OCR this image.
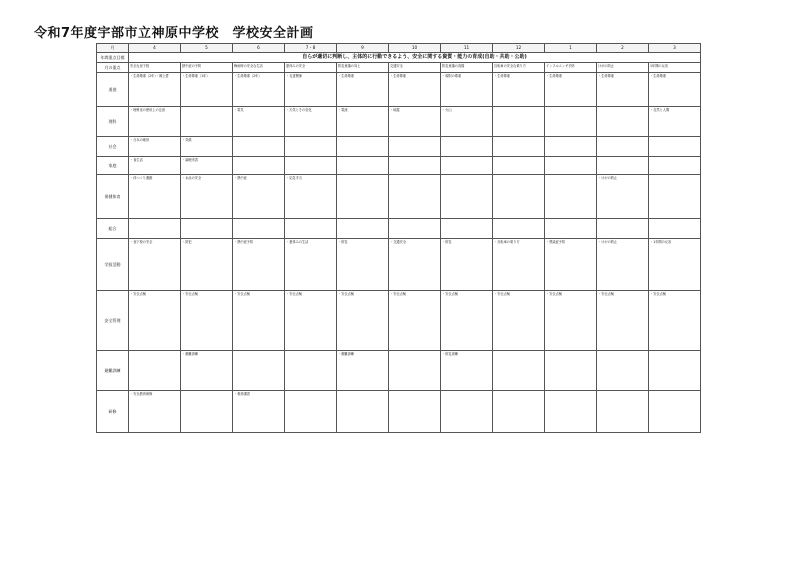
令和7年度宇部市立神原中学校　学校安全計画
月	4	5	6	7・8	9	10	11	12	1	2	3
年間重点目標	自らが適切に判断し、主体的に行動できるよう、安全に関する資質・能力の育成(自助・共助・公助)										
月の重点	安全な登下校	熱中症の予防	梅雨時の安全な生活	夏休みの安全	防災意識の向上	交通安全	防災意識の高揚	自転車の安全な乗り方	インフルエンザ予防	けがの防止	1年間の反省
道徳	・生命尊重（2年）・郷土愛	・生命尊重（1年）	・生命尊重（2年）	・友達関係	・生命尊重	・生命尊重	・規則の尊重	・生命尊重	・生命尊重	・生命尊重	・生命尊重
理科	・理科室の使用上の注意		・電気	・天気とその変化	・電流	・地震	・火山				・自然と人間
社会	・日本の地形	・気候									
家庭	・食生活	・調理実習									
保健体育	・体つくり運動	・水泳の安全	・熱中症	・応急手当						・けがの防止	
総合											
学級活動	・登下校の安全	・防犯	・熱中症予防	・夏休みの生活	・防災	・交通安全	・防災	・自転車の乗り方	・感染症予防	・けがの防止	・1年間の反省
安全管理	・安全点検	・安全点検	・安全点検	・安全点検	・安全点検	・安全点検	・安全点検	・安全点検	・安全点検	・安全点検	・安全点検
避難訓練		・避難訓練			・避難訓練		・防災訓練				
研修	・安全教育研修		・救命講習								
